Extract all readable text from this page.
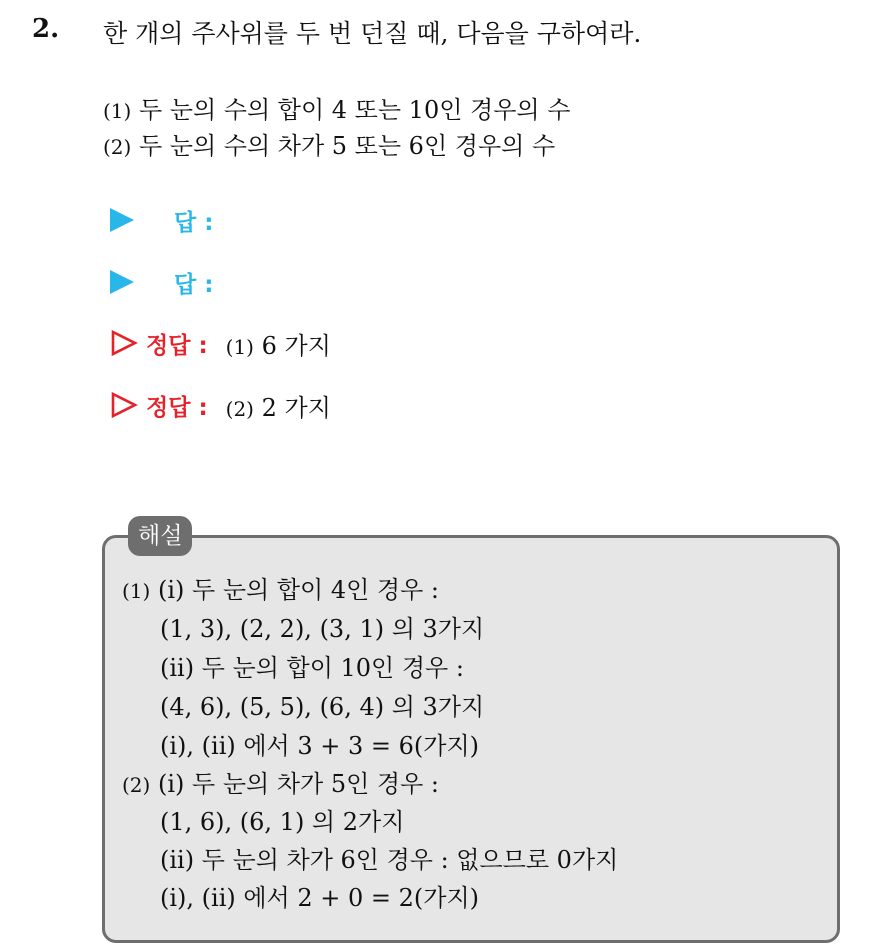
2. 한 개의 주사위를 두 번 던질 때, 다음을 구하여라.
(1) 두 눈의 수의 합이 4 또는 10인 경우의 수
(2) 두 눈의 수의 차가 5 또는 6인 경우의 수
답 :
답 :
정답 : (1) 6 가지
정답 : (2) 2 가지
해설
(1) (i) 두 눈의 합이 4인 경우 :
(1, 3), (2, 2), (3, 1) 의 3가지
(ii) 두 눈의 합이 10인 경우 :
(4, 6), (5, 5), (6, 4) 의 3가지
(i), (ii) 에서 3 + 3 = 6(가지)
(2) (i) 두 눈의 차가 5인 경우 :
(1, 6), (6, 1) 의 2가지
(ii) 두 눈의 차가 6인 경우 : 없으므로 0가지
(i), (ii) 에서 2 + 0 = 2(가지)
